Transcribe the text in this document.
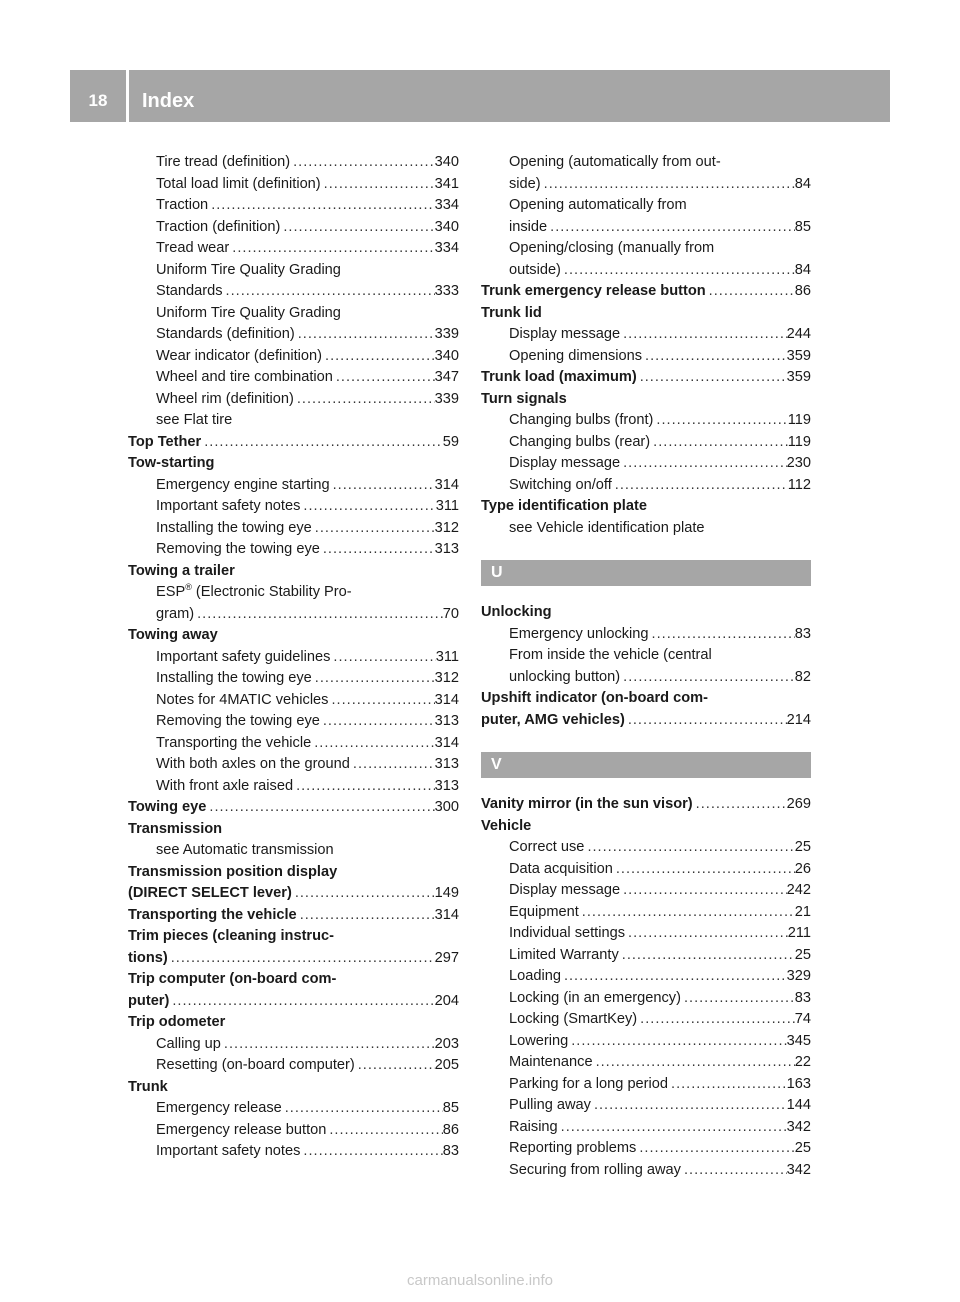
18	Index
Tire tread (definition) .....	340
Total load limit (definition) .....	341
Traction .....	334
Traction (definition) .....	340
Tread wear .....	334
Uniform Tire Quality Grading
Standards .....	333
Uniform Tire Quality Grading
Standards (definition) .....	339
Wear indicator (definition) .....	340
Wheel and tire combination .....	347
Wheel rim (definition) .....	339
see Flat tire
Top Tether .....	59
Tow-starting
Emergency engine starting .....	314
Important safety notes .....	311
Installing the towing eye .....	312
Removing the towing eye .....	313
Towing a trailer
ESP® (Electronic Stability Pro-
gram) .....	70
Towing away
Important safety guidelines .....	311
Installing the towing eye .....	312
Notes for 4MATIC vehicles .....	314
Removing the towing eye .....	313
Transporting the vehicle .....	314
With both axles on the ground .....	313
With front axle raised .....	313
Towing eye .....	300
Transmission
see Automatic transmission
Transmission position display
(DIRECT SELECT lever) .....	149
Transporting the vehicle .....	314
Trim pieces (cleaning instruc-
tions) .....	297
Trip computer (on-board com-
puter) .....	204
Trip odometer
Calling up .....	203
Resetting (on-board computer) .....	205
Trunk
Emergency release .....	85
Emergency release button .....	86
Important safety notes .....	83
Opening (automatically from out-
side) .....	84
Opening automatically from
inside .....	85
Opening/closing (manually from
outside) .....	84
Trunk emergency release button .....	86
Trunk lid
Display message .....	244
Opening dimensions .....	359
Trunk load (maximum) .....	359
Turn signals
Changing bulbs (front) .....	119
Changing bulbs (rear) .....	119
Display message .....	230
Switching on/off .....	112
Type identification plate
see Vehicle identification plate
U
Unlocking
Emergency unlocking .....	83
From inside the vehicle (central
unlocking button) .....	82
Upshift indicator (on-board com-
puter, AMG vehicles) .....	214
V
Vanity mirror (in the sun visor) .....	269
Vehicle
Correct use .....	25
Data acquisition .....	26
Display message .....	242
Equipment .....	21
Individual settings .....	211
Limited Warranty .....	25
Loading .....	329
Locking (in an emergency) .....	83
Locking (SmartKey) .....	74
Lowering .....	345
Maintenance .....	22
Parking for a long period .....	163
Pulling away .....	144
Raising .....	342
Reporting problems .....	25
Securing from rolling away .....	342
carmanualsonline.info
